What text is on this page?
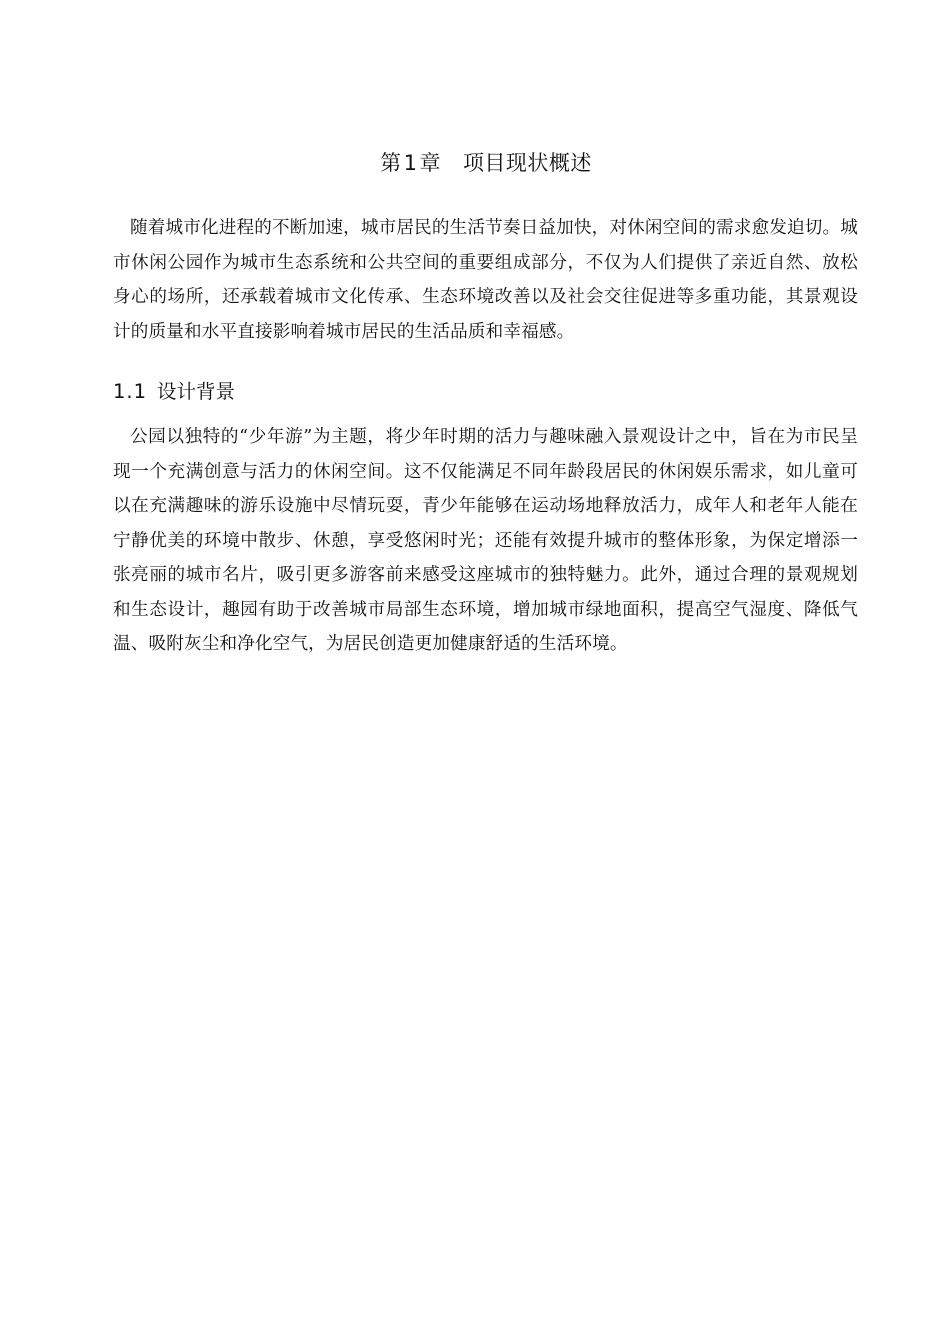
第1章 项目现状概述

随着城市化进程的不断加速，城市居民的生活节奏日益加快，对休闲空间的需求愈发迫切。城市休闲公园作为城市生态系统和公共空间的重要组成部分，不仅为人们提供了亲近自然、放松身心的场所，还承载着城市文化传承、生态环境改善以及社会交往促进等多重功能，其景观设计的质量和水平直接影响着城市居民的生活品质和幸福感。

1.1 设计背景

公园以独特的“少年游”为主题，将少年时期的活力与趣味融入景观设计之中，旨在为市民呈现一个充满创意与活力的休闲空间。这不仅能满足不同年龄段居民的休闲娱乐需求，如儿童可以在充满趣味的游乐设施中尽情玩耍，青少年能够在运动场地释放活力，成年人和老年人能在宁静优美的环境中散步、休憩，享受悠闲时光；还能有效提升城市的整体形象，为保定增添一张亮丽的城市名片，吸引更多游客前来感受这座城市的独特魅力。此外，通过合理的景观规划和生态设计，趣园有助于改善城市局部生态环境，增加城市绿地面积，提高空气湿度、降低气温、吸附灰尘和净化空气，为居民创造更加健康舒适的生活环境。
